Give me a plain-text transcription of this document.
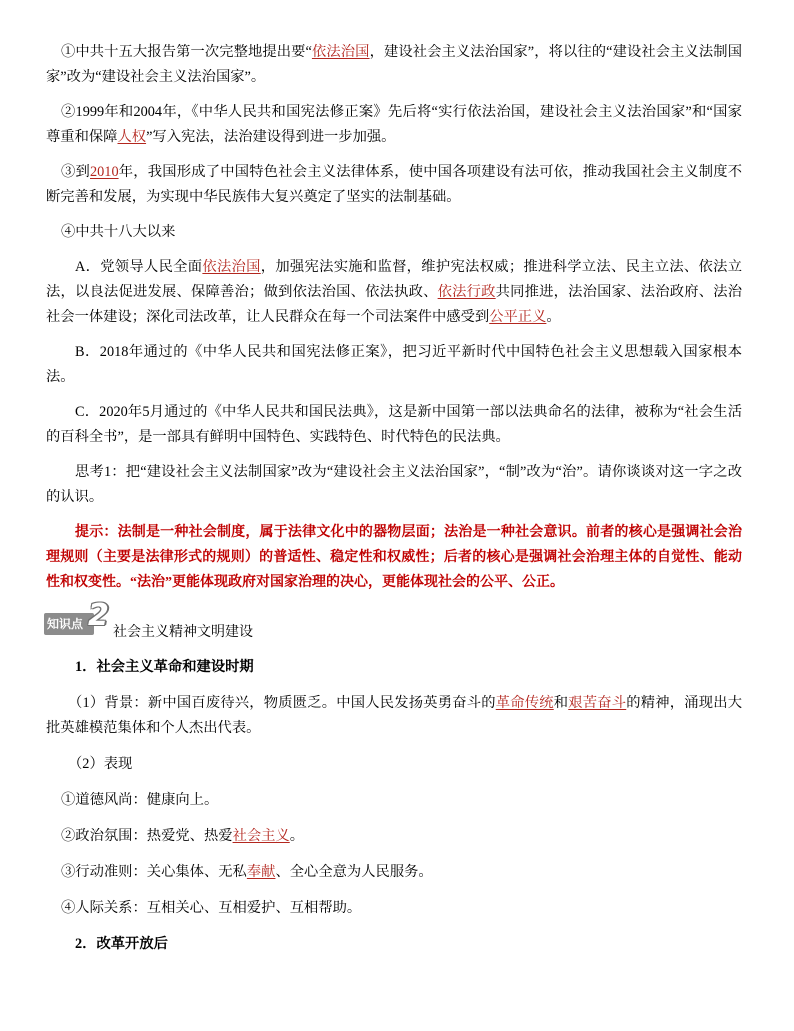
①中共十五大报告第一次完整地提出要“依法治国，建设社会主义法治国家”，将以往的“建设社会主义法制国家”改为“建设社会主义法治国家”。

②1999年和2004年，《中华人民共和国宪法修正案》先后将“实行依法治国，建设社会主义法治国家”和“国家尊重和保障人权”写入宪法，法治建设得到进一步加强。

③到2010年，我国形成了中国特色社会主义法律体系，使中国各项建设有法可依，推动我国社会主义制度不断完善和发展，为实现中华民族伟大复兴奠定了坚实的法制基础。

④中共十八大以来

A．党领导人民全面依法治国，加强宪法实施和监督，维护宪法权威；推进科学立法、民主立法、依法立法，以良法促进发展、保障善治；做到依法治国、依法执政、依法行政共同推进，法治国家、法治政府、法治社会一体建设；深化司法改革，让人民群众在每一个司法案件中感受到公平正义。

B．2018年通过的《中华人民共和国宪法修正案》，把习近平新时代中国特色社会主义思想载入国家根本法。

C．2020年5月通过的《中华人民共和国民法典》，这是新中国第一部以法典命名的法律，被称为“社会生活的百科全书”，是一部具有鲜明中国特色、实践特色、时代特色的民法典。

思考1：把“建设社会主义法制国家”改为“建设社会主义法治国家”，“制”改为“治”。请你谈谈对这一字之改的认识。

提示：法制是一种社会制度，属于法律文化中的器物层面；法治是一种社会意识。前者的核心是强调社会治理规则（主要是法律形式的规则）的普适性、稳定性和权威性；后者的核心是强调社会治理主体的自觉性、能动性和权变性。“法治”更能体现政府对国家治理的决心，更能体现社会的公平、公正。

知识点 2 社会主义精神文明建设

1．社会主义革命和建设时期

（1）背景：新中国百废待兴，物质匮乏。中国人民发扬英勇奋斗的革命传统和艰苦奋斗的精神，涌现出大批英雄模范集体和个人杰出代表。

（2）表现

①道德风尚：健康向上。

②政治氛围：热爱党、热爱社会主义。

③行动准则：关心集体、无私奉献、全心全意为人民服务。

④人际关系：互相关心、互相爱护、互相帮助。

2．改革开放后
